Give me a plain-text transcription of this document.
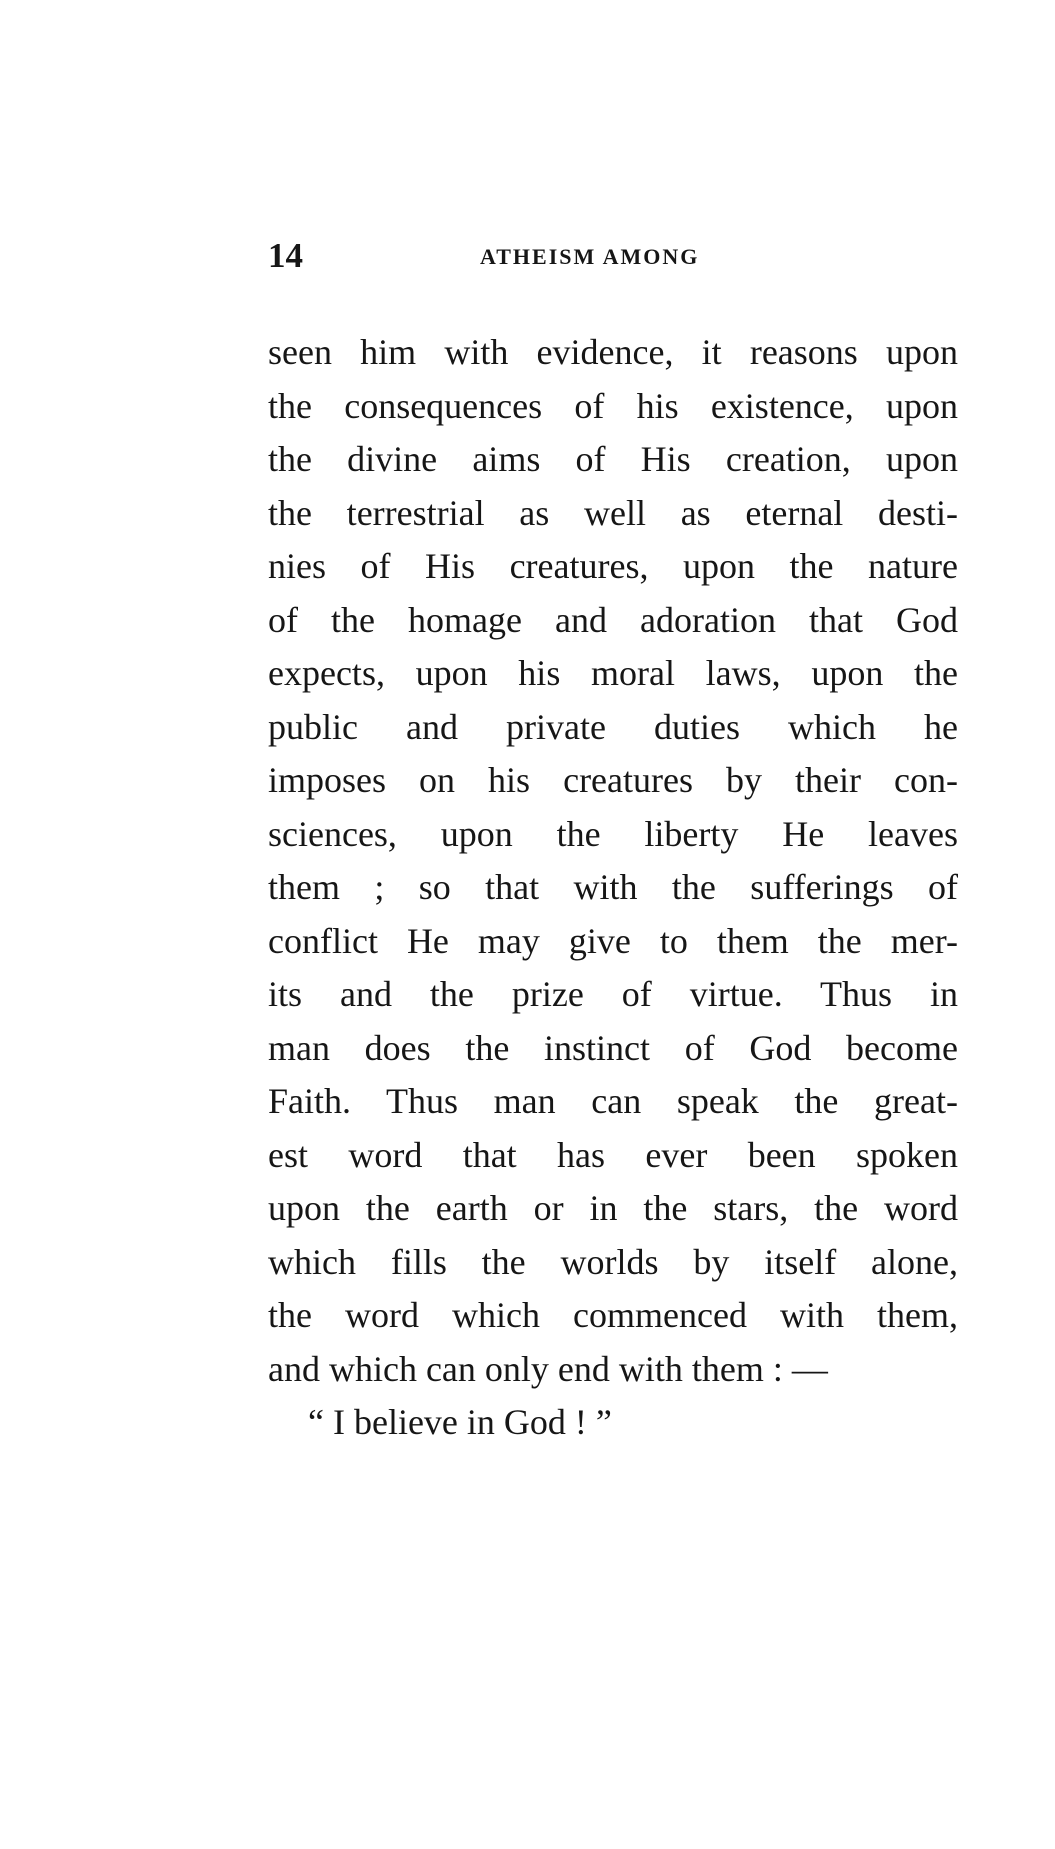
14	ATHEISM AMONG
seen him with evidence, it reasons upon
the consequences of his existence, upon
the divine aims of His creation, upon
the terrestrial as well as eternal desti-
nies of His creatures, upon the nature
of the homage and adoration that God
expects, upon his moral laws, upon the
public and private duties which he
imposes on his creatures by their con-
sciences, upon the liberty He leaves
them ; so that with the sufferings of
conflict He may give to them the mer-
its and the prize of virtue. Thus in
man does the instinct of God become
Faith. Thus man can speak the great-
est word that has ever been spoken
upon the earth or in the stars, the word
which fills the worlds by itself alone,
the word which commenced with them,
and which can only end with them : —
“ I believe in God ! ”
